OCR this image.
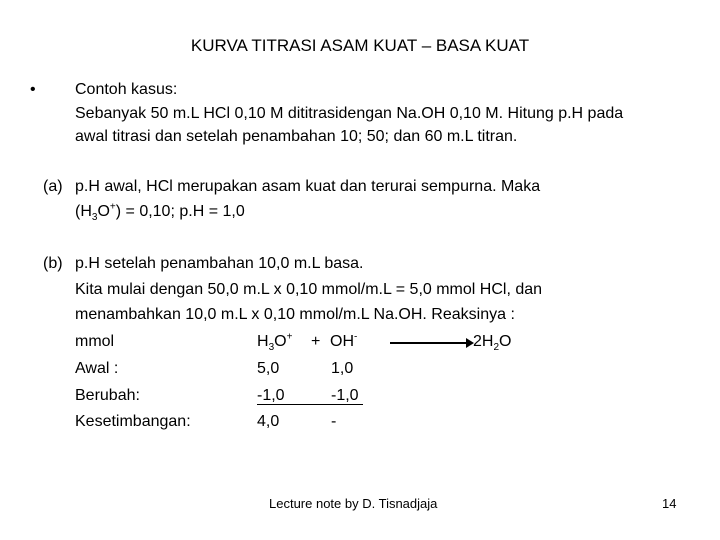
KURVA TITRASI ASAM KUAT – BASA KUAT
• Contoh kasus:
Sebanyak 50 m.L HCl 0,10 M dititrasidengan Na.OH 0,10 M. Hitung p.H pada
awal titrasi dan setelah penambahan 10; 50; dan 60 m.L titran.
(a) p.H awal, HCl merupakan asam kuat dan terurai sempurna. Maka
$(H_3O^+) = 0,10$; p.H = 1,0
(b) p.H setelah penambahan 10,0 m.L basa.
Kita mulai dengan 50,0 m.L x 0,10 mmol/m.L = 5,0 mmol HCl, dan
menambahkan 10,0 m.L x 0,10 mmol/m.L Na.OH. Reaksinya :
mmol	$H_3O^+ + OH^-$	$2H_2O$
Awal :	5,0	1,0
Berubah:	-1,0	-1,0
Kesetimbangan:	4,0	-
Lecture note by D. Tisnadjaja	14
